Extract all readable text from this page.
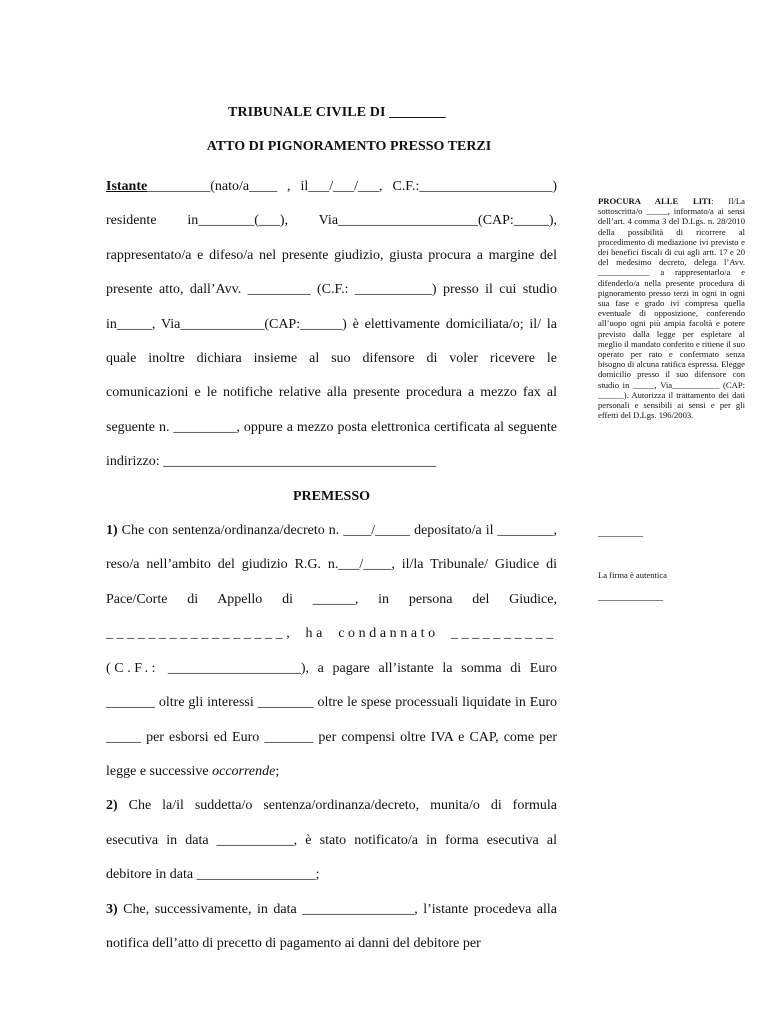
TRIBUNALE CIVILE DI ________
ATTO DI PIGNORAMENTO PRESSO TERZI

Istante_________(nato/a____ , il___/___/___, C.F.:___________________) residente in________(___), Via____________________(CAP:_____), rappresentato/a e difeso/a nel presente giudizio, giusta procura a margine del presente atto, dall’Avv. _________ (C.F.: ___________) presso il cui studio in_____, Via____________(CAP:______) è elettivamente domiciliata/o; il/ la quale inoltre dichiara insieme al suo difensore di voler ricevere le comunicazioni e le notifiche relative alla presente procedura a mezzo fax al seguente n. _________, oppure a mezzo posta elettronica certificata al seguente indirizzo: _______________________________________

PREMESSO

1) Che con sentenza/ordinanza/decreto n. ____/_____ depositato/a il ________, reso/a nell’ambito del giudizio R.G. n.___/____, il/la Tribunale/ Giudice di Pace/Corte di Appello di ______, in persona del Giudice, _________________, ha condannato __________ (C.F.: ___________________), a pagare all’istante la somma di Euro _______ oltre gli interessi ________ oltre le spese processuali liquidate in Euro _____ per esborsi ed Euro _______ per compensi oltre IVA e CAP, come per legge e successive occorrende;

2) Che la/il suddetta/o sentenza/ordinanza/decreto, munita/o di formula esecutiva in data ___________, è stato notificato/a in forma esecutiva al debitore in data _________________;

3) Che, successivamente, in data ________________, l’istante procedeva alla notifica dell’atto di precetto di pagamento ai danni del debitore per

PROCURA ALLE LITI: Il/La sottoscritta/o _____, informato/a ai sensi dell’art. 4 comma 3 del D.Lgs. n. 28/2010 della possibilità di ricorrere al procedimento di mediazione ivi previsto e dei benefici fiscali di cui agli artt. 17 e 20 del medesimo decreto, delega l’Avv. ____________ a rappresentarlo/a e difenderlo/a nella presente procedura di pignoramento presso terzi in ogni in ogni sua fase e grado ivi compresa quella eventuale di opposizione, conferendo all’uopo ogni più ampia facoltà e potere previsto dalla legge per espletare al meglio il mandato conferito e ritiene il suo operato per rato e confermato senza bisogno di alcuna ratifica espressa. Elegge domicilio presso il suo difensore con studio in _____, Via___________ (CAP: ______). Autorizza il trattamento dei dati personali e sensibili ai sensi e per gli effetti del D.Lgs. 196/2003.
_________
La firma è autentica
_____________
